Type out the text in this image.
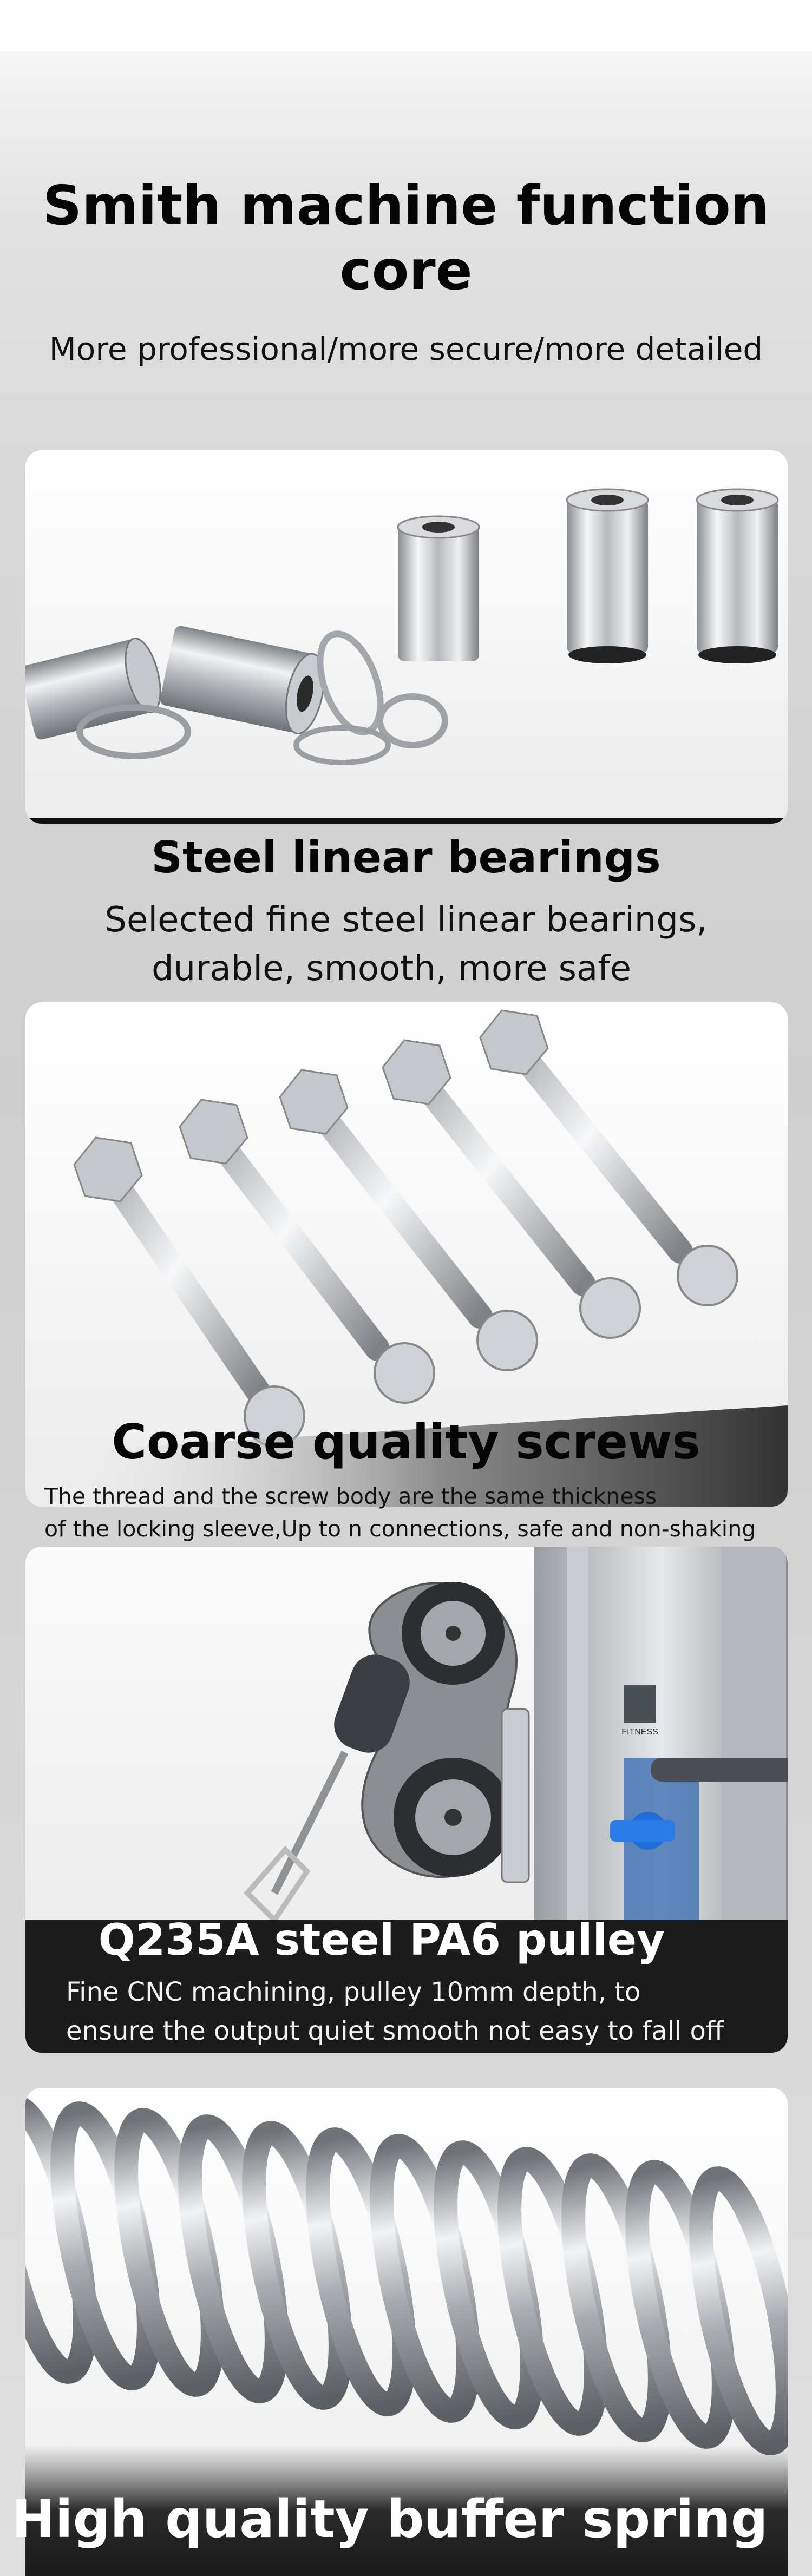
Smith machine function core
More professional/more secure/more detailed
Steel linear bearings
Selected fine steel linear bearings,
durable, smooth, more safe
Coarse quality screws
The thread and the screw body are the same thickness
of the locking sleeve,Up to n connections, safe and non-shaking
FITNESS
Q235A steel PA6 pulley
Fine CNC machining, pulley 10mm depth, to
ensure the output quiet smooth not easy to fall off
High quality buffer spring
